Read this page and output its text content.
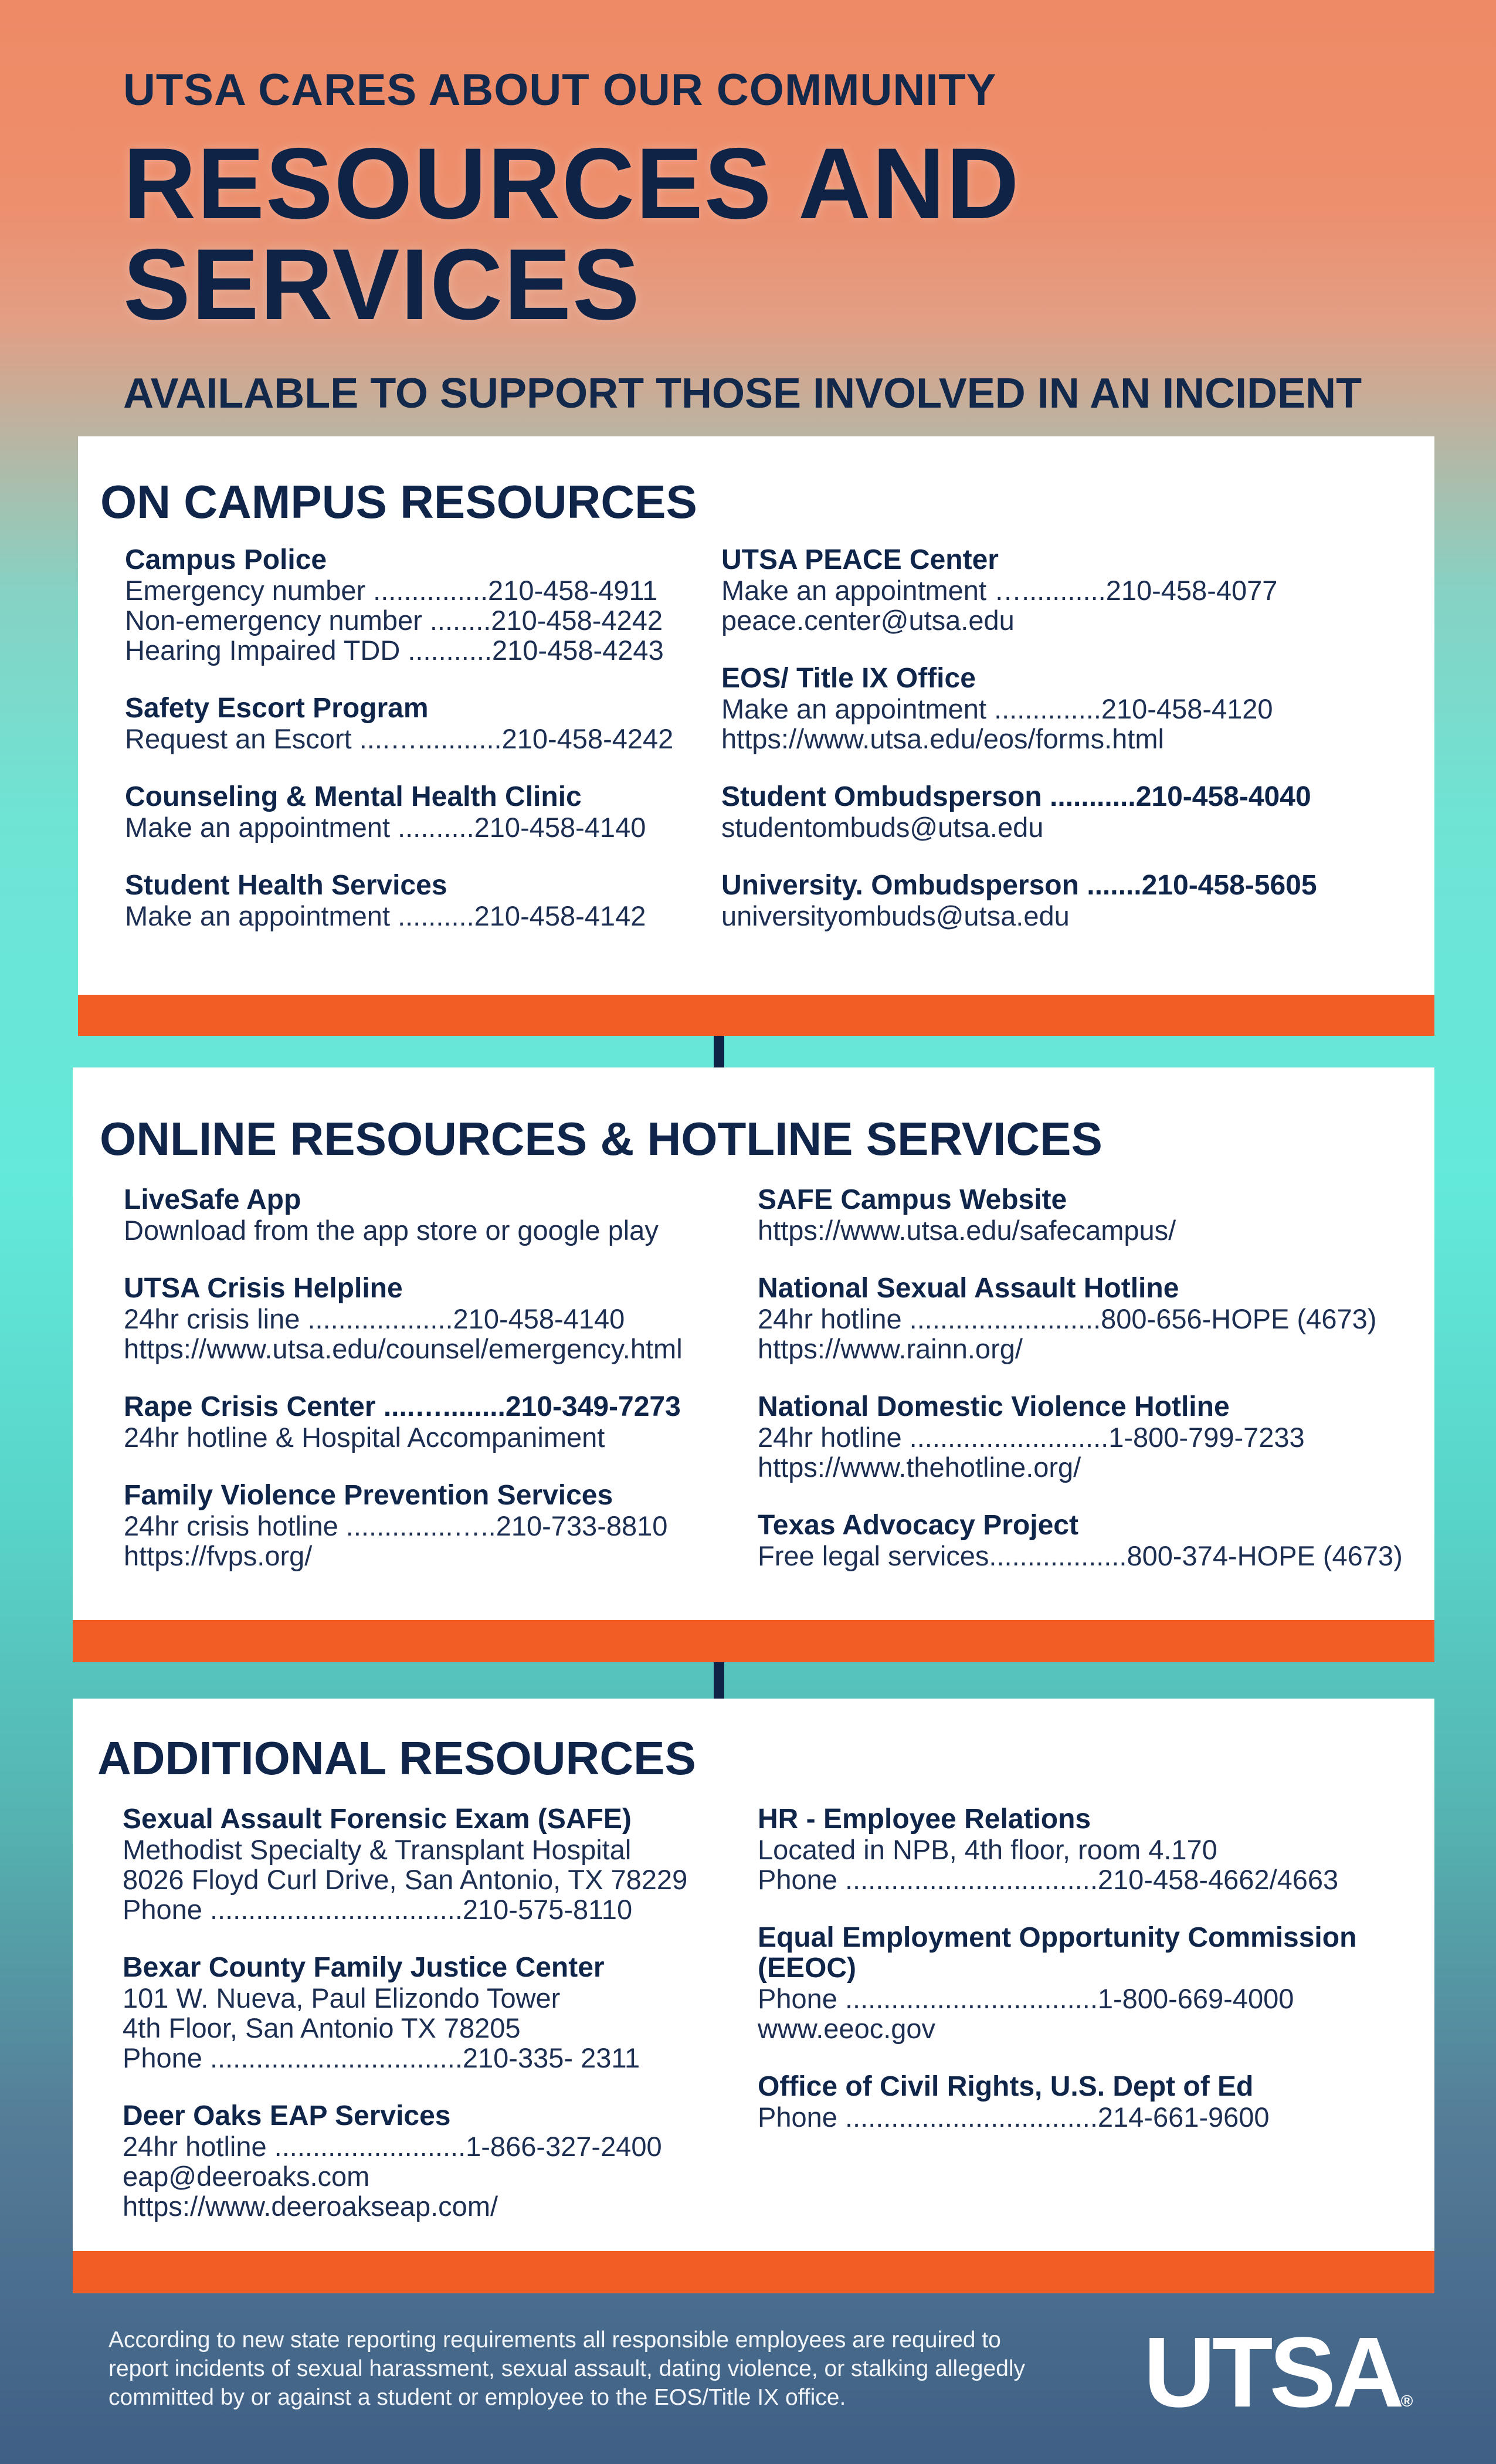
UTSA CARES ABOUT OUR COMMUNITY

RESOURCES AND SERVICES

AVAILABLE TO SUPPORT THOSE INVOLVED IN AN INCIDENT

ON CAMPUS RESOURCES
Campus Police
Emergency number ...............210-458-4911
Non-emergency number ........210-458-4242
Hearing Impaired TDD ...........210-458-4243
Safety Escort Program
Request an Escort ....…...........210-458-4242
Counseling & Mental Health Clinic
Make an appointment ..........210-458-4140
Student Health Services
Make an appointment ..........210-458-4142
UTSA PEACE Center
Make an appointment …...........210-458-4077
peace.center@utsa.edu
EOS/ Title IX Office
Make an appointment ..............210-458-4120
https://www.utsa.edu/eos/forms.html
Student Ombudsperson ...........210-458-4040
studentombuds@utsa.edu
University. Ombudsperson .......210-458-5605
universityombuds@utsa.edu
ONLINE RESOURCES & HOTLINE SERVICES
LiveSafe App
Download from the app store or google play
UTSA Crisis Helpline
24hr crisis line ...................210-458-4140
https://www.utsa.edu/counsel/emergency.html
Rape Crisis Center ....…........210-349-7273
24hr hotline & Hospital Accompaniment
Family Violence Prevention Services
24hr crisis hotline ..............…..210-733-8810
https://fvps.org/
SAFE Campus Website
https://www.utsa.edu/safecampus/
National Sexual Assault Hotline
24hr hotline .........................800-656-HOPE (4673)
https://www.rainn.org/
National Domestic Violence Hotline
24hr hotline ..........................1-800-799-7233
https://www.thehotline.org/
Texas Advocacy Project
Free legal services..................800-374-HOPE (4673)
ADDITIONAL RESOURCES
Sexual Assault Forensic Exam (SAFE)
Methodist Specialty & Transplant Hospital
8026 Floyd Curl Drive, San Antonio, TX 78229
Phone .................................210-575-8110
Bexar County Family Justice Center
101 W. Nueva, Paul Elizondo Tower
4th Floor, San Antonio TX 78205
Phone .................................210-335- 2311
Deer Oaks EAP Services
24hr hotline .........................1-866-327-2400
eap@deeroaks.com
https://www.deeroakseap.com/
HR - Employee Relations
Located in NPB, 4th floor, room 4.170
Phone .................................210-458-4662/4663
Equal Employment Opportunity Commission (EEOC)
Phone .................................1-800-669-4000
www.eeoc.gov
Office of Civil Rights, U.S. Dept of Ed
Phone .................................214-661-9600
According to new state reporting requirements all responsible employees are required to
report incidents of sexual harassment, sexual assault, dating violence, or stalking allegedly
committed by or against a student or employee to the EOS/Title IX office.	UTSA®
